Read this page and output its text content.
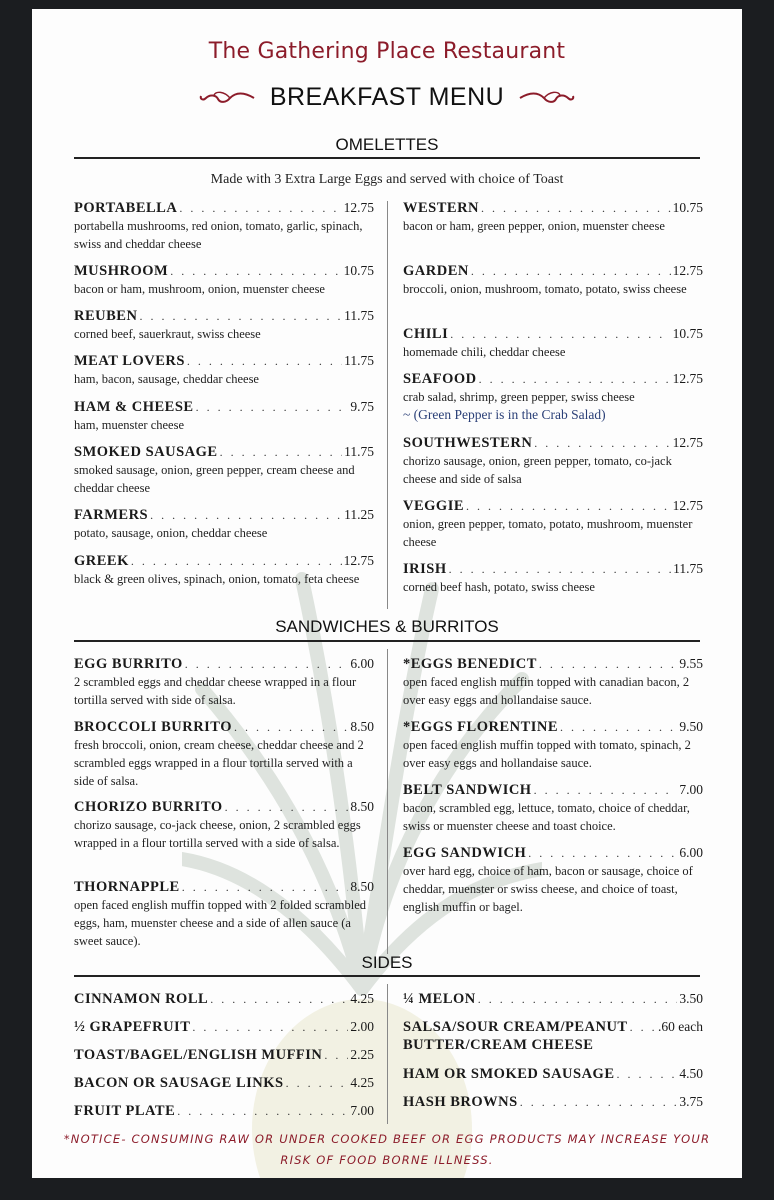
The Gathering Place Restaurant
BREAKFAST MENU
OMELETTES
Made with 3 Extra Large Eggs and served with choice of Toast
SANDWICHES & BURRITOS
SIDES
PORTABELLA . . .	12.75
portabella mushrooms, red onion, tomato, garlic, spinach, swiss and cheddar cheese
MUSHROOM . . .	10.75
bacon or ham, mushroom, onion, muenster cheese
REUBEN . . .	11.75
corned beef, sauerkraut, swiss cheese
MEAT LOVERS . . .	11.75
ham, bacon, sausage, cheddar cheese
HAM & CHEESE . . .	9.75
ham, muenster cheese
SMOKED SAUSAGE . . .	11.75
smoked sausage, onion, green pepper, cream cheese and cheddar cheese
FARMERS . . .	11.25
potato, sausage, onion, cheddar cheese
GREEK . . .	12.75
black & green olives, spinach, onion, tomato, feta cheese
WESTERN . . .	10.75
bacon or ham, green pepper, onion, muenster cheese
GARDEN . . .	12.75
broccoli, onion, mushroom, tomato, potato, swiss cheese
CHILI . . .	10.75
homemade chili, cheddar cheese
SEAFOOD . . .	12.75
crab salad, shrimp, green pepper, swiss cheese
~ (Green Pepper is in the Crab Salad)
SOUTHWESTERN . . .	12.75
chorizo sausage, onion, green pepper, tomato, co-jack cheese and side of salsa
VEGGIE . . .	12.75
onion, green pepper, tomato, potato, mushroom, muenster cheese
IRISH . . .	11.75
corned beef hash, potato, swiss cheese
EGG BURRITO . . .	6.00
2 scrambled eggs and cheddar cheese wrapped in a flour tortilla served with side of salsa.
BROCCOLI BURRITO . . .	8.50
fresh broccoli, onion, cream cheese, cheddar cheese and 2 scrambled eggs wrapped in a flour tortilla served with a side of salsa.
CHORIZO BURRITO . . .	8.50
chorizo sausage, co-jack cheese, onion, 2 scrambled eggs wrapped in a flour tortilla served with a side of salsa.
THORNAPPLE . . .	8.50
open faced english muffin topped with 2 folded scrambled eggs, ham, muenster cheese and a side of allen sauce (a sweet sauce).
*EGGS BENEDICT . . .	9.55
open faced english muffin topped with canadian bacon, 2 over easy eggs and hollandaise sauce.
*EGGS FLORENTINE . . .	9.50
open faced english muffin topped with tomato, spinach, 2 over easy eggs and hollandaise sauce.
BELT SANDWICH . . .	7.00
bacon, scrambled egg, lettuce, tomato, choice of cheddar, swiss or muenster cheese and toast choice.
EGG SANDWICH . . .	6.00
over hard egg, choice of ham, bacon or sausage, choice of cheddar, muenster or swiss cheese, and choice of toast, english muffin or bagel.
CINNAMON ROLL . . .	4.25
½ GRAPEFRUIT . . .	2.00
TOAST/BAGEL/ENGLISH MUFFIN . . . 2.25
BACON OR SAUSAGE LINKS . . .	4.25
FRUIT PLATE . . .	7.00
¼ MELON . . .	3.50
SALSA/SOUR CREAM/PEANUT . . . .60 each
BUTTER/CREAM CHEESE
HAM OR SMOKED SAUSAGE . . .	4.50
HASH BROWNS . . .	3.75
*NOTICE- CONSUMING RAW OR UNDER COOKED BEEF OR EGG PRODUCTS MAY INCREASE YOUR
RISK OF FOOD BORNE ILLNESS.
